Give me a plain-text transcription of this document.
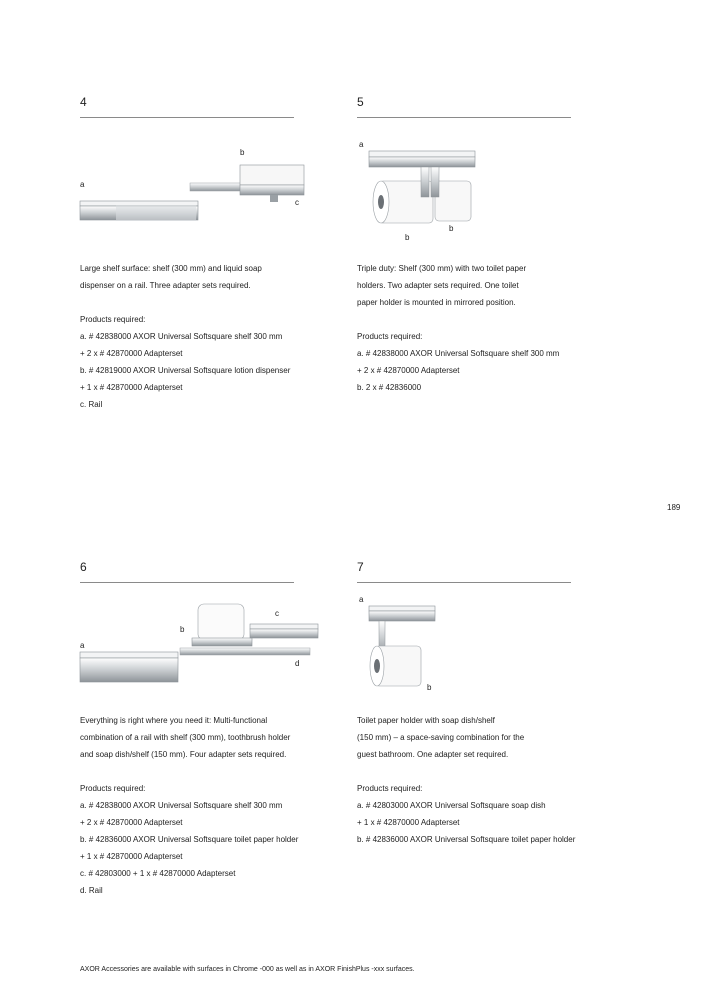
4
a
b
c
Large shelf surface: shelf (300 mm) and liquid soap
dispenser on a rail. Three adapter sets required.
Products required:
a. # 42838000 AXOR Universal Softsquare shelf 300 mm
+ 2 x # 42870000 Adapterset
b. # 42819000 AXOR Universal Softsquare lotion dispenser
+ 1 x # 42870000 Adapterset
c. Rail
5
a
b
b
Triple duty: Shelf (300 mm) with two toilet paper
holders. Two adapter sets required. One toilet
paper holder is mounted in mirrored position.
Products required:
a. # 42838000 AXOR Universal Softsquare shelf 300 mm
+ 2 x # 42870000 Adapterset
b. 2 x # 42836000
6
a
b
c
d
Everything is right where you need it: Multi-functional
combination of a rail with shelf (300 mm), toothbrush holder
and soap dish/shelf (150 mm). Four adapter sets required.
Products required:
a. # 42838000 AXOR Universal Softsquare shelf 300 mm
+ 2 x # 42870000 Adapterset
b. # 42836000 AXOR Universal Softsquare toilet paper holder
+ 1 x # 42870000 Adapterset
c. # 42803000 + 1 x # 42870000 Adapterset
d. Rail
7
a
b
Toilet paper holder with soap dish/shelf
(150 mm) – a space-saving combination for the
guest bathroom. One adapter set required.
Products required:
a. # 42803000 AXOR Universal Softsquare soap dish
+ 1 x # 42870000 Adapterset
b. # 42836000 AXOR Universal Softsquare toilet paper holder
189
AXOR Accessories are available with surfaces in Chrome -000 as well as in AXOR FinishPlus -xxx surfaces.
